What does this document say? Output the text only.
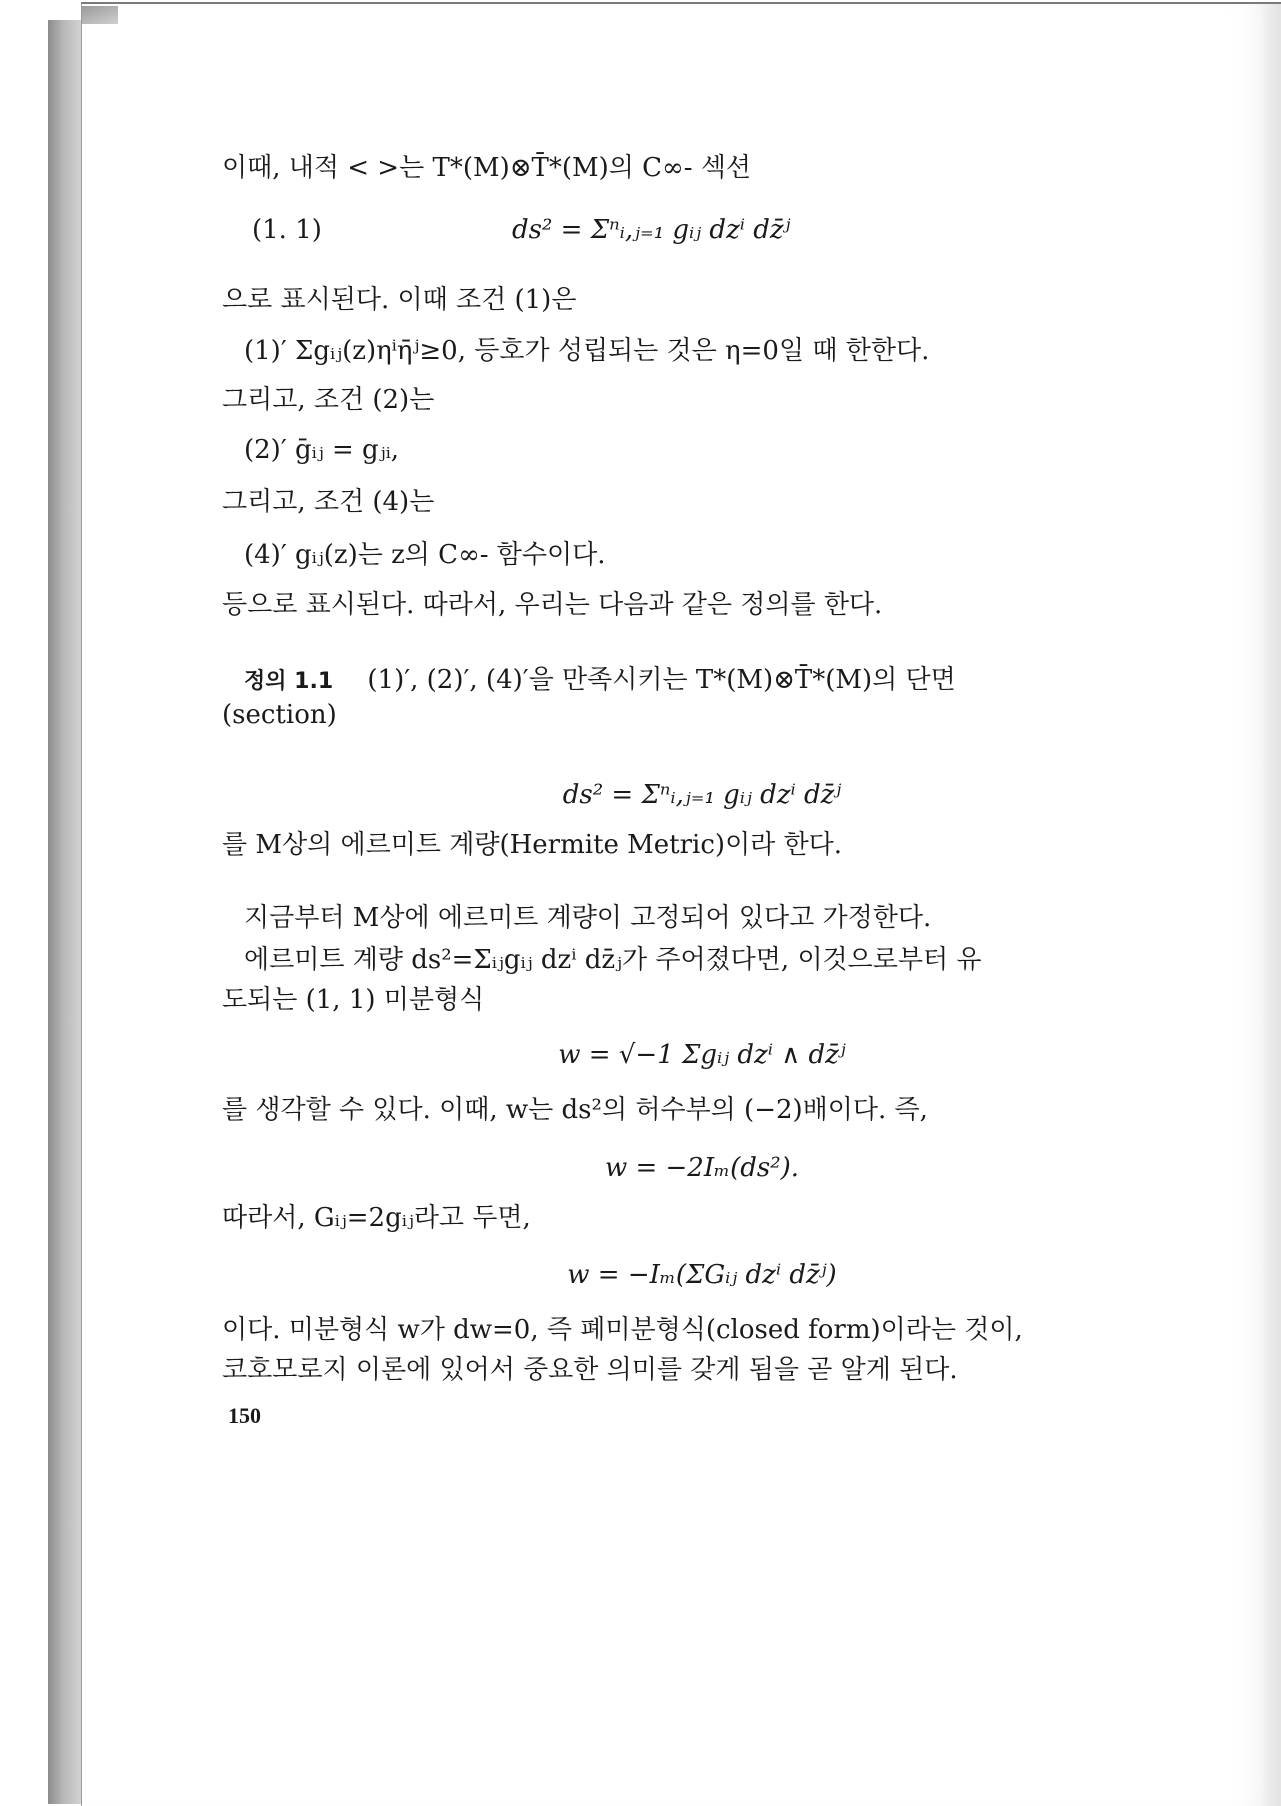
이때, 내적 < >는 T*(M)⊗T̄*(M)의 C∞- 섹션
(1. 1)	ds² = Σⁿᵢ,ⱼ₌₁ gᵢⱼ dzⁱ dz̄ʲ
으로 표시된다. 이때 조건 (1)은
(1)′ Σgᵢⱼ(z)ηⁱη̄ʲ≥0, 등호가 성립되는 것은 η=0일 때 한한다.
그리고, 조건 (2)는
(2)′ ḡᵢⱼ = gⱼᵢ,
그리고, 조건 (4)는
(4)′ gᵢⱼ(z)는 z의 C∞- 함수이다.
등으로 표시된다. 따라서, 우리는 다음과 같은 정의를 한다.
정의 1.1 (1)′, (2)′, (4)′을 만족시키는 T*(M)⊗T̄*(M)의 단면
(section)
ds² = Σⁿᵢ,ⱼ₌₁ gᵢⱼ dzⁱ dz̄ʲ
를 M상의 에르미트 계량(Hermite Metric)이라 한다.
지금부터 M상에 에르미트 계량이 고정되어 있다고 가정한다.
에르미트 계량 ds²=Σᵢⱼgᵢⱼ dzⁱ dz̄ⱼ가 주어졌다면, 이것으로부터 유
도되는 (1, 1) 미분형식
w = √−1 Σgᵢⱼ dzⁱ ∧ dz̄ʲ
를 생각할 수 있다. 이때, w는 ds²의 허수부의 (−2)배이다. 즉,
w = −2Iₘ(ds²).
따라서, Gᵢⱼ=2gᵢⱼ라고 두면,
w = −Iₘ(ΣGᵢⱼ dzⁱ dz̄ʲ)
이다. 미분형식 w가 dw=0, 즉 폐미분형식(closed form)이라는 것이,
코호모로지 이론에 있어서 중요한 의미를 갖게 됨을 곧 알게 된다.
150
